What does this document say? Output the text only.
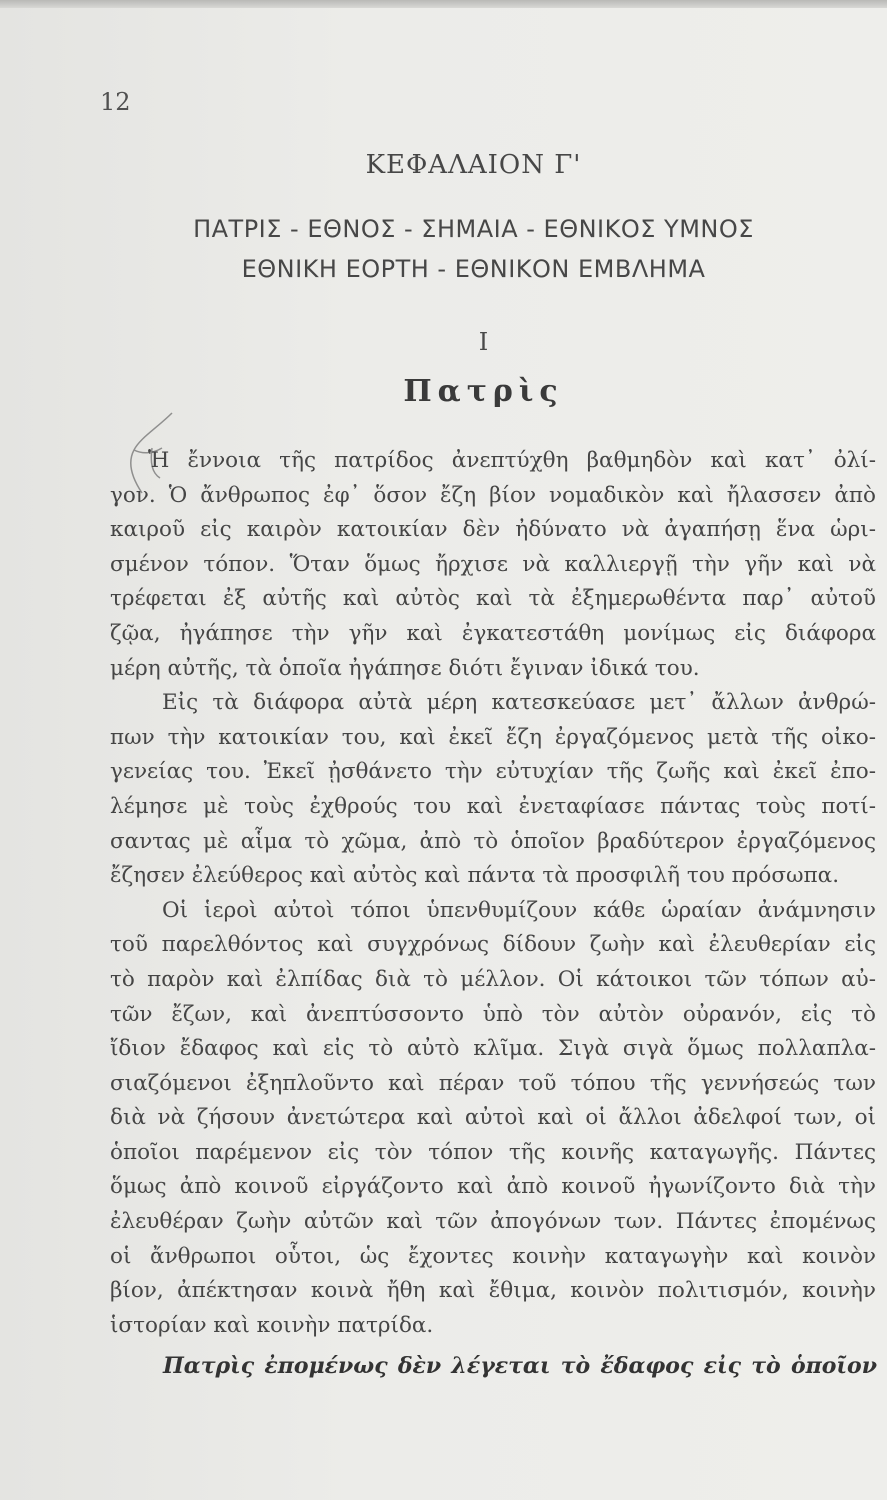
12
ΚΕΦΑΛΑΙΟΝ Γ'
ΠΑΤΡΙΣ - ΕΘΝΟΣ - ΣΗΜΑΙΑ - ΕΘΝΙΚΟΣ ΥΜΝΟΣ
ΕΘΝΙΚΗ ΕΟΡΤΗ - ΕΘΝΙΚΟΝ ΕΜΒΛΗΜΑ
I
Πατρὶς
Ἡ ἔννοια τῆς πατρίδος ἀνεπτύχθη βαθμηδὸν καὶ κατ᾿ ὀλί-
γον. Ὁ ἄνθρωπος ἐφ᾿ ὅσον ἔζη βίον νομαδικὸν καὶ ἤλασσεν ἀπὸ
καιροῦ εἰς καιρὸν κατοικίαν δὲν ἠδύνατο νὰ ἀγαπήσῃ ἕνα ὡρι-
σμένον τόπον. Ὅταν ὅμως ἤρχισε νὰ καλλιεργῇ τὴν γῆν καὶ νὰ
τρέφεται ἐξ αὐτῆς καὶ αὐτὸς καὶ τὰ ἐξημερωθέντα παρ᾿ αὐτοῦ
ζῷα, ἠγάπησε τὴν γῆν καὶ ἐγκατεστάθη μονίμως εἰς διάφορα
μέρη αὐτῆς, τὰ ὁποῖα ἠγάπησε διότι ἔγιναν ἰδικά του.
Εἰς τὰ διάφορα αὐτὰ μέρη κατεσκεύασε μετ᾿ ἄλλων ἀνθρώ-
πων τὴν κατοικίαν του, καὶ ἐκεῖ ἔζη ἐργαζόμενος μετὰ τῆς οἰκο-
γενείας του. Ἐκεῖ ᾐσθάνετο τὴν εὐτυχίαν τῆς ζωῆς καὶ ἐκεῖ ἐπο-
λέμησε μὲ τοὺς ἐχθρούς του καὶ ἐνεταφίασε πάντας τοὺς ποτί-
σαντας μὲ αἷμα τὸ χῶμα, ἀπὸ τὸ ὁποῖον βραδύτερον ἐργαζόμενος
ἔζησεν ἐλεύθερος καὶ αὐτὸς καὶ πάντα τὰ προσφιλῆ του πρόσωπα.
Οἱ ἱεροὶ αὐτοὶ τόποι ὑπενθυμίζουν κάθε ὡραίαν ἀνάμνησιν
τοῦ παρελθόντος καὶ συγχρόνως δίδουν ζωὴν καὶ ἐλευθερίαν εἰς
τὸ παρὸν καὶ ἐλπίδας διὰ τὸ μέλλον. Οἱ κάτοικοι τῶν τόπων αὐ-
τῶν ἔζων, καὶ ἀνεπτύσσοντο ὑπὸ τὸν αὐτὸν οὐρανόν, εἰς τὸ
ἴδιον ἔδαφος καὶ εἰς τὸ αὐτὸ κλῖμα. Σιγὰ σιγὰ ὅμως πολλαπλα-
σιαζόμενοι ἐξηπλοῦντο καὶ πέραν τοῦ τόπου τῆς γεννήσεώς των
διὰ νὰ ζήσουν ἀνετώτερα καὶ αὐτοὶ καὶ οἱ ἄλλοι ἀδελφοί των, οἱ
ὁποῖοι παρέμενον εἰς τὸν τόπον τῆς κοινῆς καταγωγῆς. Πάντες
ὅμως ἀπὸ κοινοῦ εἰργάζοντο καὶ ἀπὸ κοινοῦ ἠγωνίζοντο διὰ τὴν
ἐλευθέραν ζωὴν αὐτῶν καὶ τῶν ἀπογόνων των. Πάντες ἐπομένως
οἱ ἄνθρωποι οὗτοι, ὡς ἔχοντες κοινὴν καταγωγὴν καὶ κοινὸν
βίον, ἀπέκτησαν κοινὰ ἤθη καὶ ἔθιμα, κοινὸν πολιτισμόν, κοινὴν
ἱστορίαν καὶ κοινὴν πατρίδα.
Πατρὶς ἐπομένως δὲν λέγεται τὸ ἔδαφος εἰς τὸ ὁποῖον
